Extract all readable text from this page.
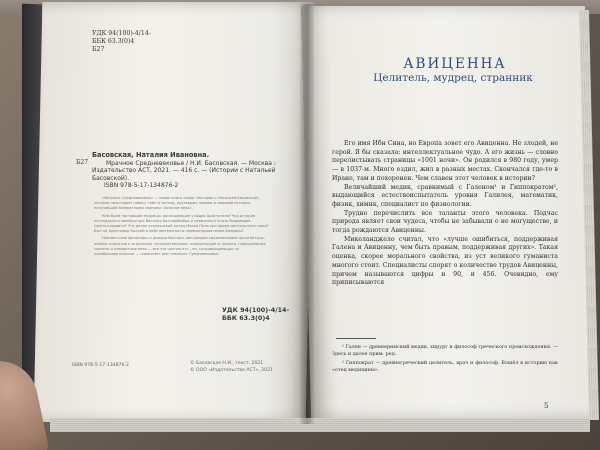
УДК 94(100)-4/14-
ББК 63.3(0)4
Б27
Б27
Басовская, Наталия Ивановна.
Мрачное Средневековье / Н.И. Басовская. — Москва : Издательство АСТ, 2021. — 416 с. — (Истории с Натальей Басовской).
ISBN 978-5-17-134876-2

«Мрачное Средневековье» — новая книга серии «Истории с Натальей Басовской», которая приоткроет завесу тайн и легенд, окутавших первых в мировой истории, получивший возвратными званием «Золотое века».

Кем были настоящие мудрецы, восхищающие учащих Аристотеля? Чья история легендарного императора Василия Болгаробойца и невеликого князя Владимира Святославовича? Что делал итальянский купец Марко Поло при дворе монгольского хана? Был ли Христофор Колумб в действительности первооткрывателем Америки?

Неизвестные философы и рыцари Востока, венчующие средневековой архитектуры, особые открытия и отдельные путешественники, немеркнущие и тревоги, повседневные сюжеты и поворотные вехи — все это частью отс…ни, сопровождающих на преобразовательном — «мрачное» или «темное» Средневековье.

УДК 94(100)-4/14-
ББК 63.3(0)4
ISBN 978-5-17-134876-2	© Басовская Н.И., текст, 2021
© ООО «Издательство АСТ», 2021
АВИЦЕННА
Целитель, мудрец, странник

Его имя Ибн Сина, но Европа зовет его Авиценна. Не злодей, не герой. Я бы сказала: интеллектуальное чудо. А его жизнь — словно перелистывать страницы «1001 ночи». Он родился в 980 году, умер — в 1037-м. Много ездил, жил в разных местах. Скончался где-то в Иране, там и похоронен. Чем славен этот человек в истории?

Величайший медик, сравнимый с Галеном¹ и Гиппократом², выдающийся естествоиспытатель уровня Галилея, математик, физик, химик, специалист по физиологии.

Трудно перечислить все таланты этого человека. Подчас природа являет свои чудеса, чтобы не забывали о не могуществе, и тогда рождаются Авиценны.

Микеланджело считал, что «лучше ошибиться, поддерживая Галена и Авиценну, чем быть правым, поддерживая других». Такая оценка, скорее морального свойства, из уст великого гуманиста многого стоит. Специалисты спорят о количестве трудов Авиценны, причем называются цифры и 90, и 456. Очевидно, ему приписываются

¹ Гален — древнеримский медик, хирург и философ греческого происхождения. — Здесь и далее прим. ред.

² Гиппократ — древнегреческий целитель, врач и философ. Вошёл в историю как «отец медицины».

5
